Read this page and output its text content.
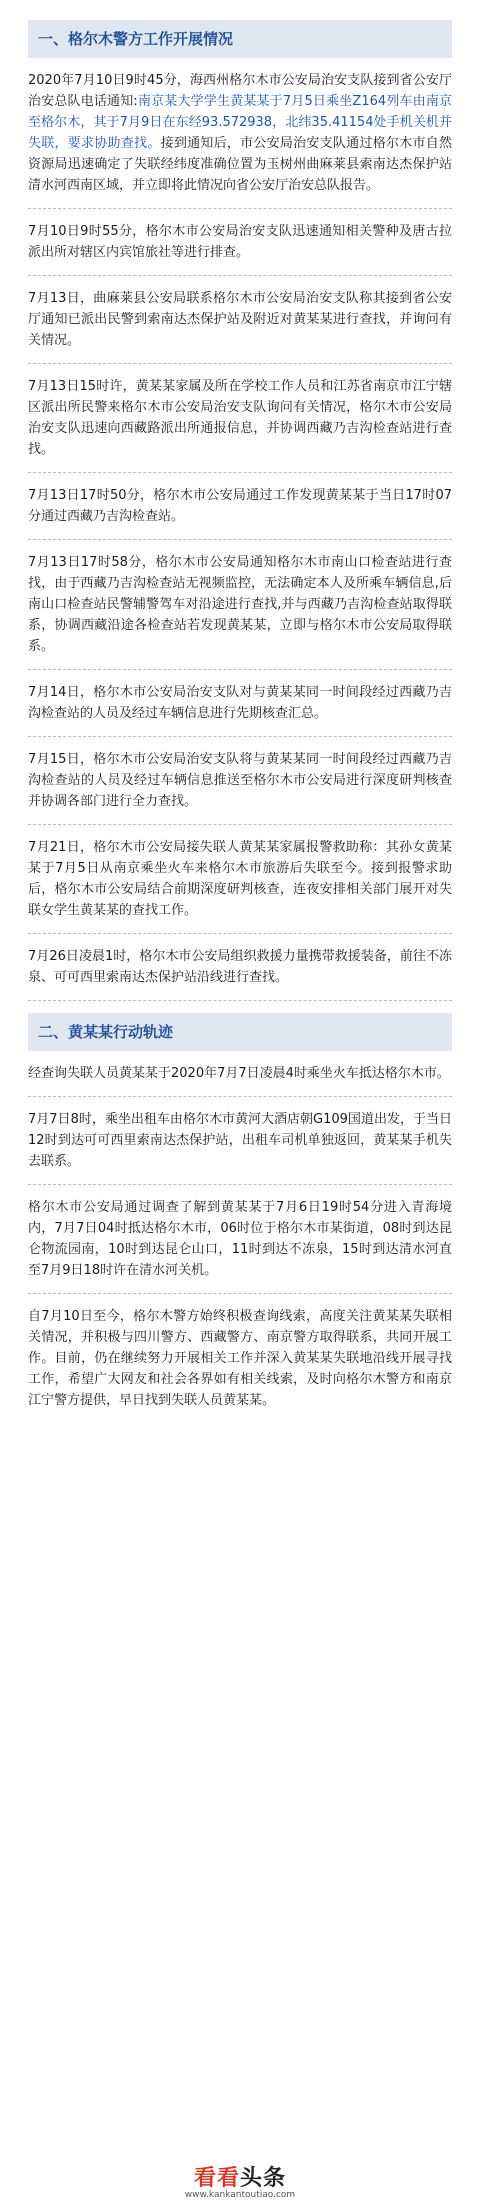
一、格尔木警方工作开展情况

2020年7月10日9时45分，海西州格尔木市公安局治安支队接到省公安厅治安总队电话通知:南京某大学学生黄某某于7月5日乘坐Z164列车由南京至格尔木，其于7月9日在东经93.572938，北纬35.41154处手机关机并失联，要求协助查找。接到通知后，市公安局治安支队通过格尔木市自然资源局迅速确定了失联经纬度准确位置为玉树州曲麻莱县索南达杰保护站清水河西南区域，并立即将此情况向省公安厅治安总队报告。

7月10日9时55分，格尔木市公安局治安支队迅速通知相关警种及唐古拉派出所对辖区内宾馆旅社等进行排查。

7月13日，曲麻莱县公安局联系格尔木市公安局治安支队称其接到省公安厅通知已派出民警到索南达杰保护站及附近对黄某某进行查找，并询问有关情况。

7月13日15时许，黄某某家属及所在学校工作人员和江苏省南京市江宁辖区派出所民警来格尔木市公安局治安支队询问有关情况，格尔木市公安局治安支队迅速向西藏路派出所通报信息，并协调西藏乃吉沟检查站进行查找。

7月13日17时50分，格尔木市公安局通过工作发现黄某某于当日17时07分通过西藏乃吉沟检查站。

7月13日17时58分，格尔木市公安局通知格尔木市南山口检查站进行查找，由于西藏乃吉沟检查站无视频监控，无法确定本人及所乘车辆信息,后南山口检查站民警辅警驾车对沿途进行查找,并与西藏乃吉沟检查站取得联系，协调西藏沿途各检查站若发现黄某某，立即与格尔木市公安局取得联系。

7月14日，格尔木市公安局治安支队对与黄某某同一时间段经过西藏乃吉沟检查站的人员及经过车辆信息进行先期核查汇总。

7月15日，格尔木市公安局治安支队将与黄某某同一时间段经过西藏乃吉沟检查站的人员及经过车辆信息推送至格尔木市公安局进行深度研判核查并协调各部门进行全力查找。

7月21日，格尔木市公安局接失联人黄某某家属报警救助称：其孙女黄某某于7月5日从南京乘坐火车来格尔木市旅游后失联至今。接到报警求助后，格尔木市公安局结合前期深度研判核查，连夜安排相关部门展开对失联女学生黄某某的查找工作。

7月26日凌晨1时，格尔木市公安局组织救援力量携带救援装备，前往不冻泉、可可西里索南达杰保护站沿线进行查找。

二、黄某某行动轨迹

经查询失联人员黄某某于2020年7月7日凌晨4时乘坐火车抵达格尔木市。

7月7日8时，乘坐出租车由格尔木市黄河大酒店朝G109国道出发，于当日12时到达可可西里索南达杰保护站，出租车司机单独返回，黄某某手机失去联系。

格尔木市公安局通过调查了解到黄某某于7月6日19时54分进入青海境内，7月7日04时抵达格尔木市，06时位于格尔木市某街道，08时到达昆仑物流园南，10时到达昆仑山口，11时到达不冻泉，15时到达清水河直至7月9日18时许在清水河关机。

自7月10日至今，格尔木警方始终积极查询线索，高度关注黄某某失联相关情况，并积极与四川警方、西藏警方、南京警方取得联系，共同开展工作。目前，仍在继续努力开展相关工作并深入黄某某失联地沿线开展寻找工作，希望广大网友和社会各界如有相关线索，及时向格尔木警方和南京江宁警方提供，早日找到失联人员黄某某。

看看头条
www.kankantoutiao.com
